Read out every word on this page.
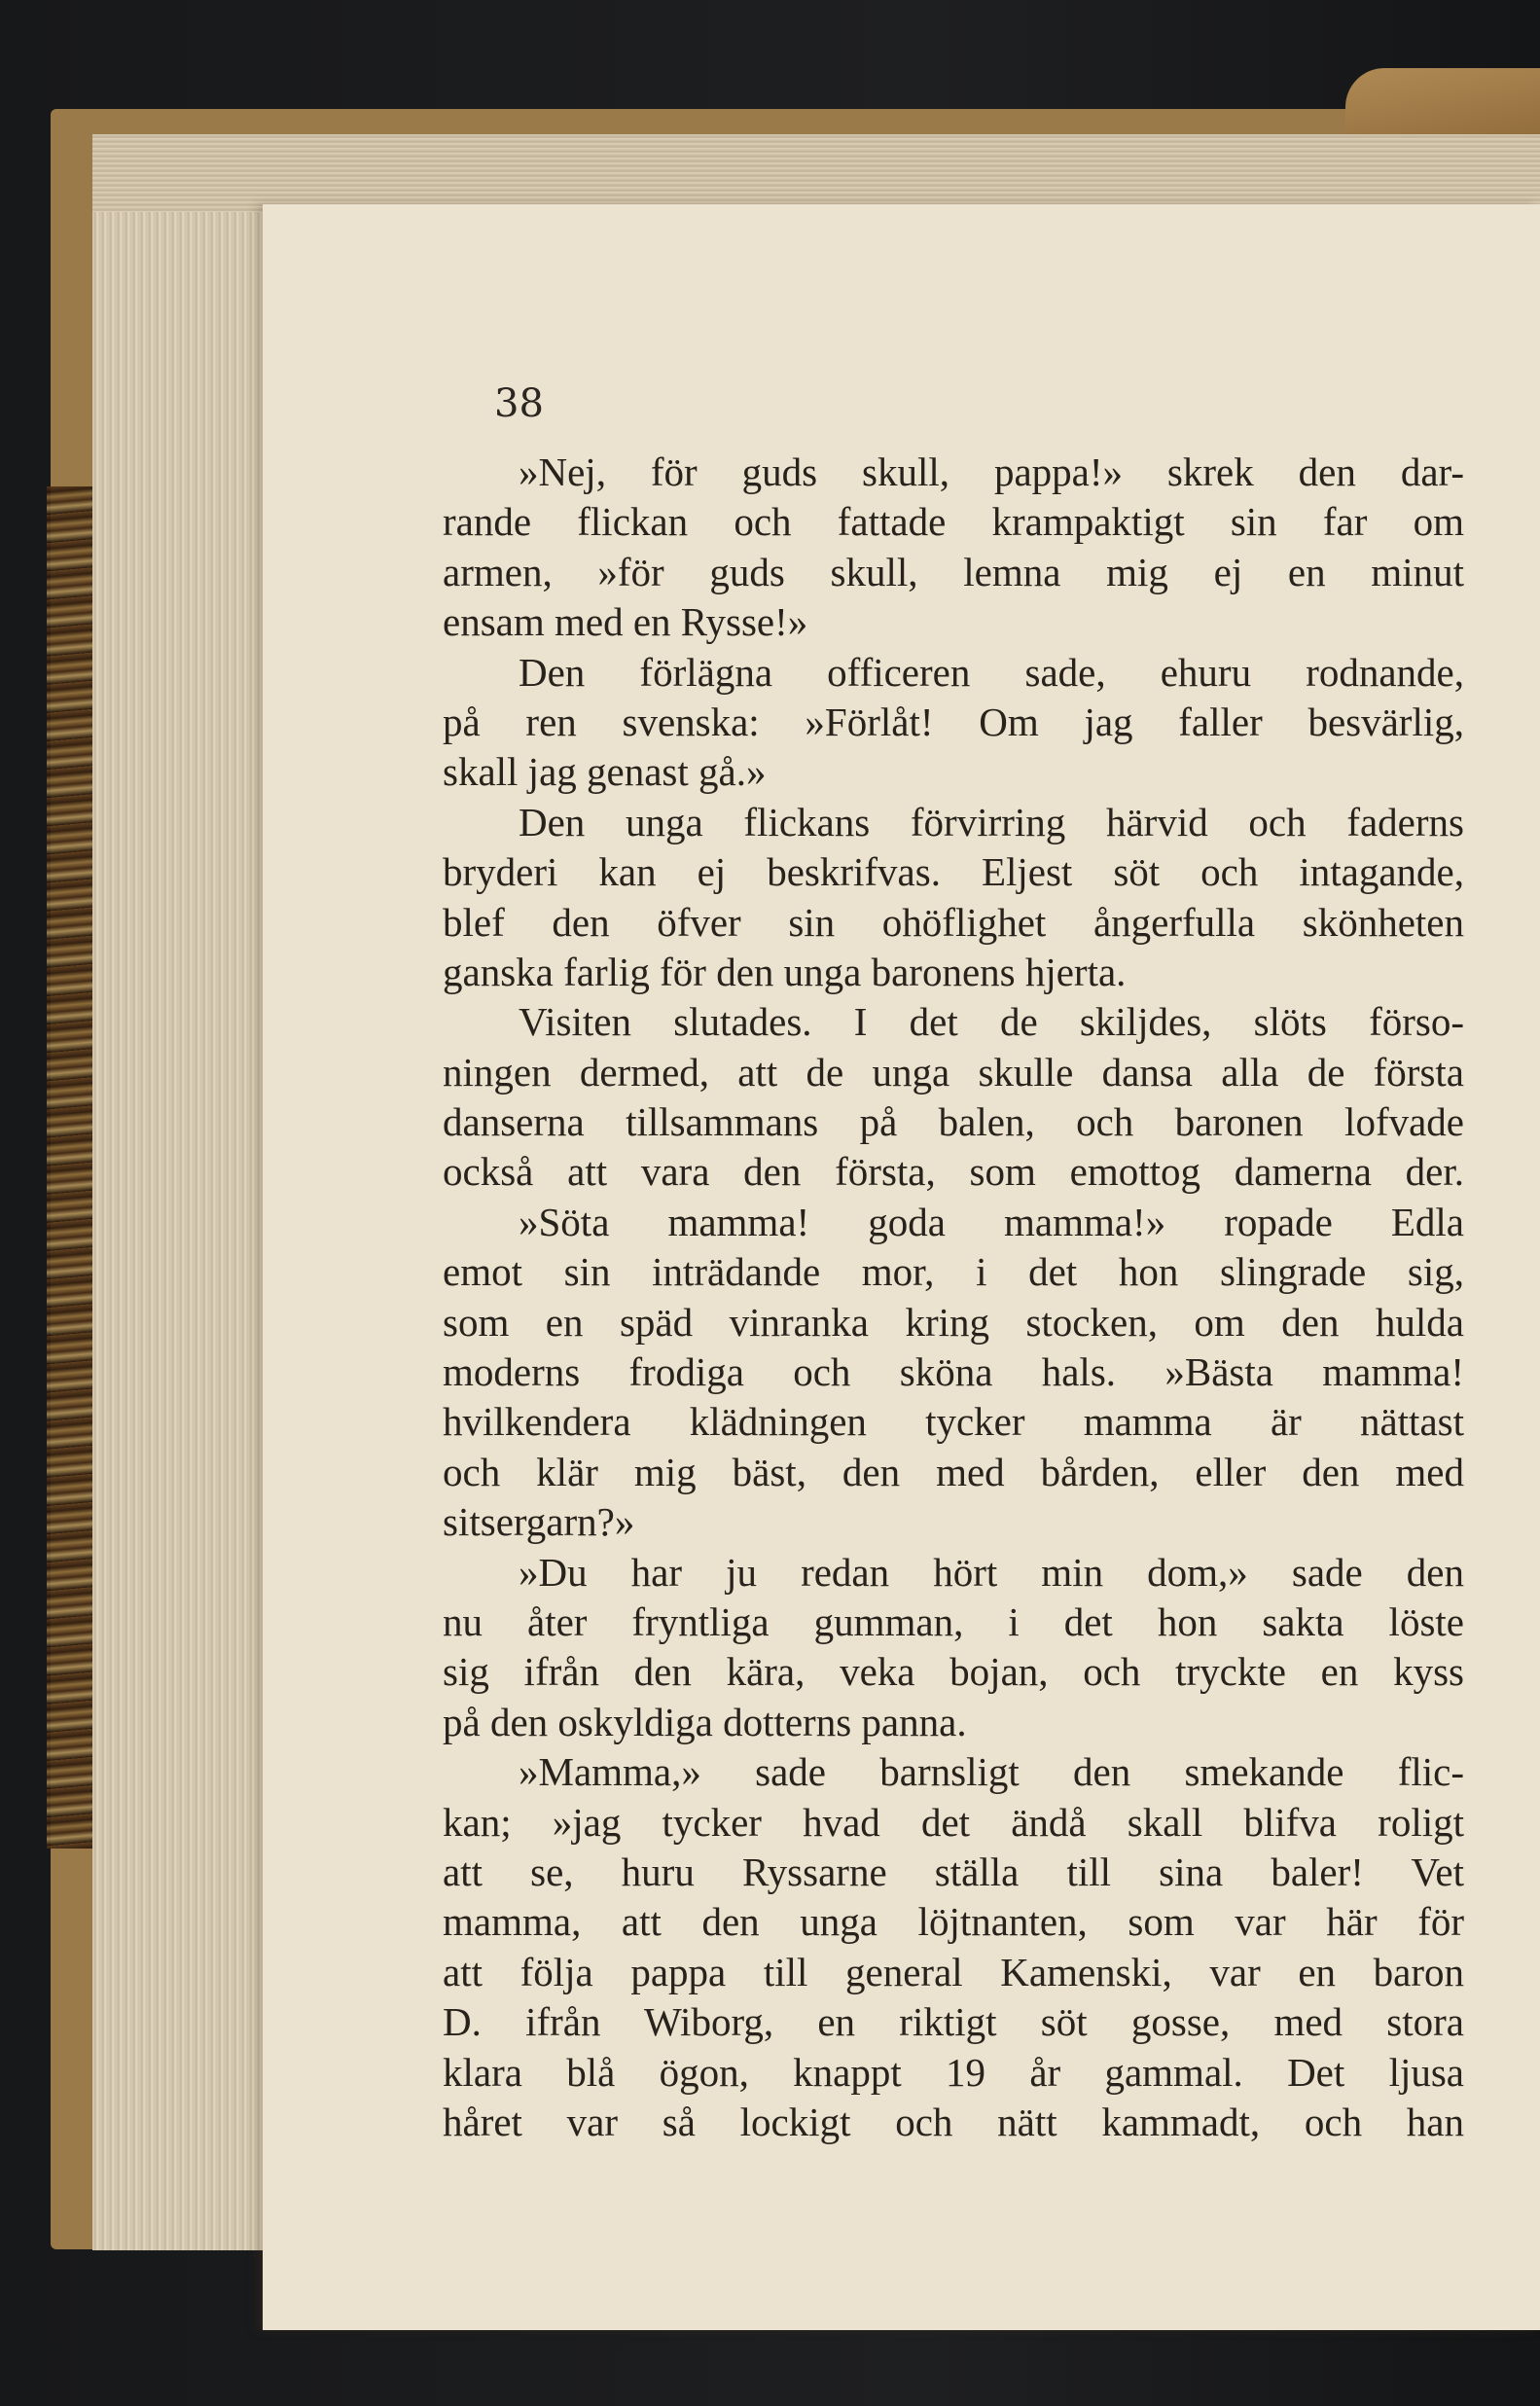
38
»Nej, för guds skull, pappa!» skrek den dar-
rande flickan och fattade krampaktigt sin far om
armen, »för guds skull, lemna mig ej en minut
ensam med en Rysse!»
Den förlägna officeren sade, ehuru rodnande,
på ren svenska: »Förlåt! Om jag faller besvärlig,
skall jag genast gå.»
Den unga flickans förvirring härvid och faderns
bryderi kan ej beskrifvas. Eljest söt och intagande,
blef den öfver sin ohöflighet ångerfulla skönheten
ganska farlig för den unga baronens hjerta.
Visiten slutades. I det de skiljdes, slöts förso-
ningen dermed, att de unga skulle dansa alla de första
danserna tillsammans på balen, och baronen lofvade
också att vara den första, som emottog damerna der.
»Söta mamma! goda mamma!» ropade Edla
emot sin inträdande mor, i det hon slingrade sig,
som en späd vinranka kring stocken, om den hulda
moderns frodiga och sköna hals. »Bästa mamma!
hvilkendera klädningen tycker mamma är nättast
och klär mig bäst, den med bården, eller den med
sitsergarn?»
»Du har ju redan hört min dom,» sade den
nu åter fryntliga gumman, i det hon sakta löste
sig ifrån den kära, veka bojan, och tryckte en kyss
på den oskyldiga dotterns panna.
»Mamma,» sade barnsligt den smekande flic-
kan; »jag tycker hvad det ändå skall blifva roligt
att se, huru Ryssarne ställa till sina baler! Vet
mamma, att den unga löjtnanten, som var här för
att följa pappa till general Kamenski, var en baron
D. ifrån Wiborg, en riktigt söt gosse, med stora
klara blå ögon, knappt 19 år gammal. Det ljusa
håret var så lockigt och nätt kammadt, och han
